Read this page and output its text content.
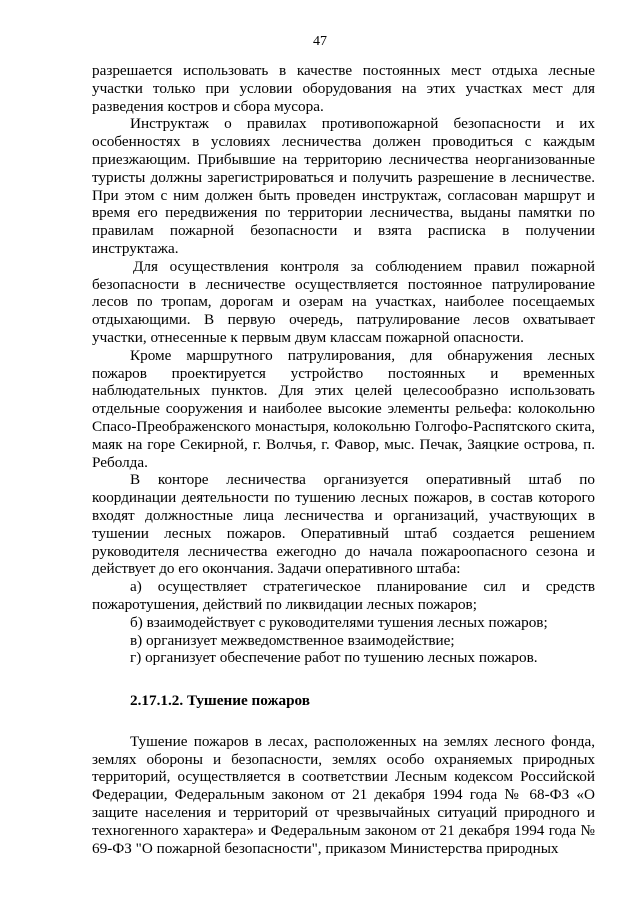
47

разрешается использовать в качестве постоянных мест отдыха лесные участки только при условии оборудования на этих участках мест для разведения костров и сбора мусора.

Инструктаж о правилах противопожарной безопасности и их особенностях в условиях лесничества должен проводиться с каждым приезжающим. Прибывшие на территорию лесничества неорганизованные туристы должны зарегистрироваться и получить разрешение в лесничестве. При этом с ним должен быть проведен инструктаж, согласован маршрут и время его передвижения по территории лесничества, выданы памятки по правилам пожарной безопасности и взята расписка в получении инструктажа.

Для осуществления контроля за соблюдением правил пожарной безопасности в лесничестве осуществляется постоянное патрулирование лесов по тропам, дорогам и озерам на участках, наиболее посещаемых отдыхающими. В первую очередь, патрулирование лесов охватывает участки, отнесенные к первым двум классам пожарной опасности.

Кроме маршрутного патрулирования, для обнаружения лесных пожаров проектируется устройство постоянных и временных наблюдательных пунктов. Для этих целей целесообразно использовать отдельные сооружения и наиболее высокие элементы рельефа: колокольню Спасо-Преображенского монастыря, колокольню Голгофо-Распятского скита, маяк на горе Секирной, г. Волчья, г. Фавор, мыс. Печак, Заяцкие острова, п. Реболда.

В конторе лесничества организуется оперативный штаб по координации деятельности по тушению лесных пожаров, в состав которого входят должностные лица лесничества и организаций, участвующих в тушении лесных пожаров. Оперативный штаб создается решением руководителя лесничества ежегодно до начала пожароопасного сезона и действует до его окончания. Задачи оперативного штаба:

а) осуществляет стратегическое планирование сил и средств пожаротушения, действий по ликвидации лесных пожаров;

б) взаимодействует с руководителями тушения лесных пожаров;

в) организует межведомственное взаимодействие;

г) организует обеспечение работ по тушению лесных пожаров.

2.17.1.2. Тушение пожаров

Тушение пожаров в лесах, расположенных на землях лесного фонда, землях обороны и безопасности, землях особо охраняемых природных территорий, осуществляется в соответствии Лесным кодексом Российской Федерации, Федеральным законом от 21 декабря 1994 года № 68-ФЗ «О защите населения и территорий от чрезвычайных ситуаций природного и техногенного характера» и Федеральным законом от 21 декабря 1994 года № 69-ФЗ "О пожарной безопасности", приказом Министерства природных
